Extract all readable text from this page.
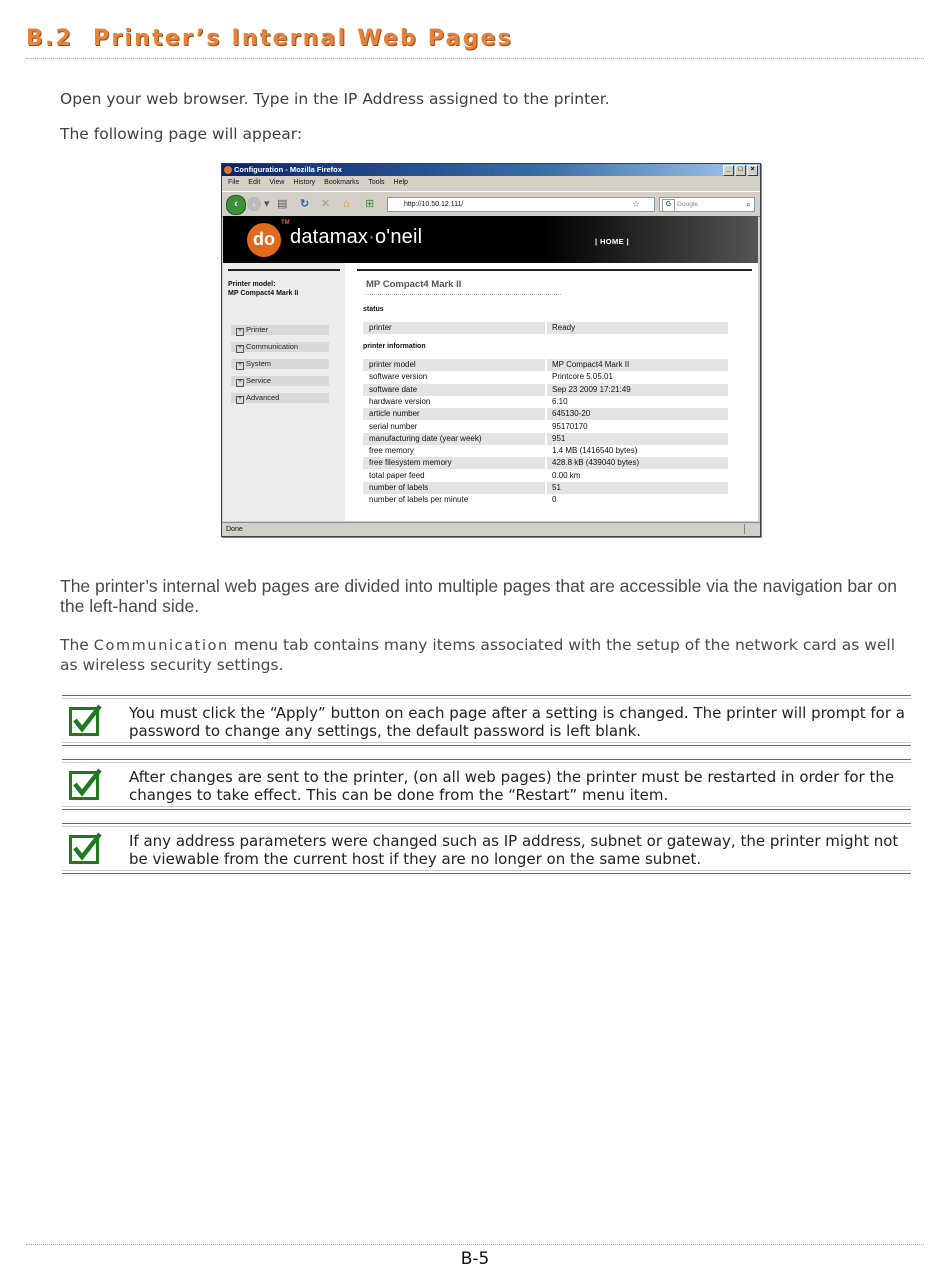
B.2 Printer’s Internal Web Pages
Open your web browser. Type in the IP Address assigned to the printer.
The following page will appear:
Configuration - Mozilla Firefox	_ □ ×
File Edit View History Bookmarks Tools Help
‹	› ▾ ▤ ↻ ✕ ⌂ ⊞	http://10.50.12.111/	☆	G Google	⌕
do
TM
datamax·o'neil	| HOME |
Printer model:
MP Compact4 Mark II
+ Printer
+ Communication
+ System
+ Service
+ Advanced
MP Compact4 Mark II
status
printer	Ready
printer information
printer model	MP Compact4 Mark II
software version	Printcore 5.05.01
software date	Sep 23 2009 17:21:49
hardware version	6.10
article number	645130-20
serial number	95170170
manufacturing date (year week)	951
free memory	1.4 MB (1416540 bytes)
free filesystem memory	428.8 kB (439040 bytes)
total paper feed	0.00 km
number of labels	51
number of labels per minute	0
Done
The printer’s internal web pages are divided into multiple pages that are accessible via the navigation bar on the left-hand side.
The Communication menu tab contains many items associated with the setup of the network card as well as wireless security settings.
You must click the “Apply” button on each page after a setting is changed. The printer will prompt for a password to change any settings, the default password is left blank.
After changes are sent to the printer, (on all web pages) the printer must be restarted in order for the changes to take effect. This can be done from the “Restart” menu item.
If any address parameters were changed such as IP address, subnet or gateway, the printer might not be viewable from the current host if they are no longer on the same subnet.
B-5
